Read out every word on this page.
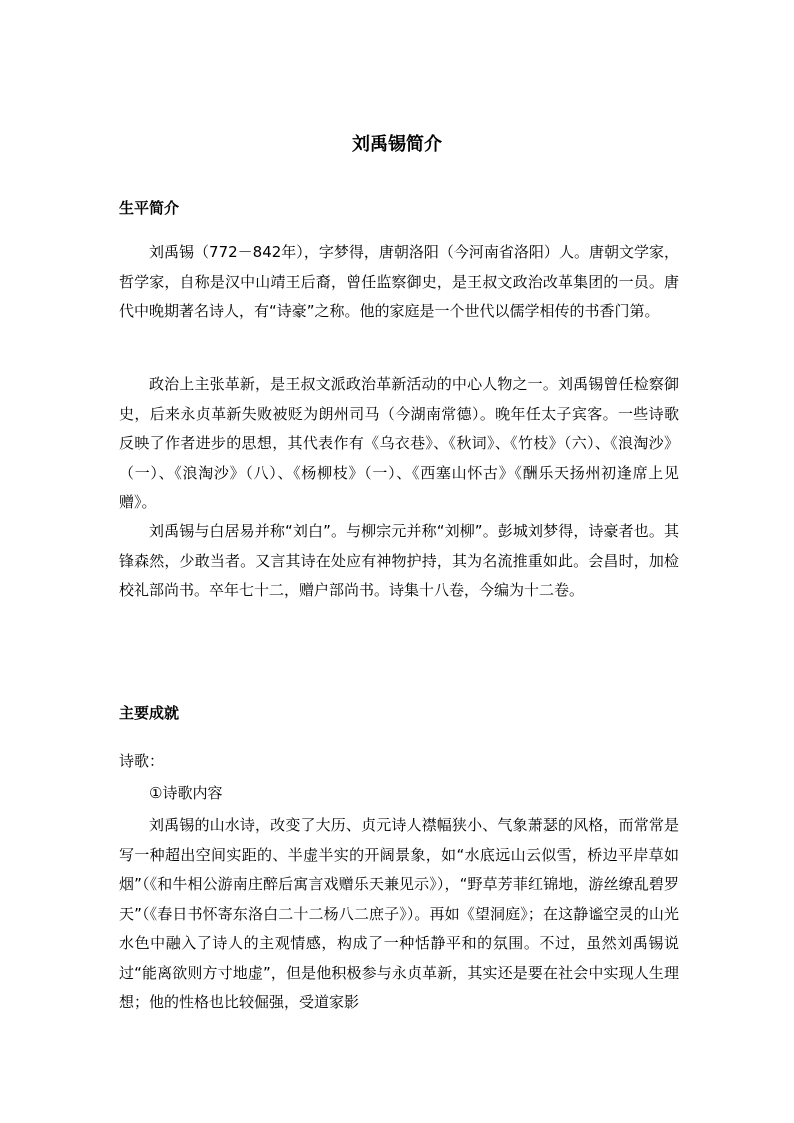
刘禹锡简介
生平简介

刘禹锡（772－842年），字梦得，唐朝洛阳（今河南省洛阳）人。唐朝文学家，哲学家，自称是汉中山靖王后裔，曾任监察御史，是王叔文政治改革集团的一员。唐代中晚期著名诗人，有“诗豪”之称。他的家庭是一个世代以儒学相传的书香门第。

政治上主张革新，是王叔文派政治革新活动的中心人物之一。刘禹锡曾任检察御史，后来永贞革新失败被贬为朗州司马（今湖南常德）。晚年任太子宾客。一些诗歌反映了作者进步的思想，其代表作有《乌衣巷》、《秋词》、《竹枝》（六）、《浪淘沙》（一）、《浪淘沙》（八）、《杨柳枝》（一）、《西塞山怀古》《酬乐天扬州初逢席上见赠》。

刘禹锡与白居易并称“刘白”。与柳宗元并称“刘柳”。彭城刘梦得，诗豪者也。其锋森然，少敢当者。又言其诗在处应有神物护持，其为名流推重如此。会昌时，加检校礼部尚书。卒年七十二，赠户部尚书。诗集十八卷，今编为十二卷。

主要成就
诗歌：
①诗歌内容

刘禹锡的山水诗，改变了大历、贞元诗人襟幅狭小、气象萧瑟的风格，而常常是写一种超出空间实距的、半虚半实的开阔景象，如“水底远山云似雪，桥边平岸草如烟”（《和牛相公游南庄醉后寓言戏赠乐天兼见示》），“野草芳菲红锦地，游丝缭乱碧罗天”（《春日书怀寄东洛白二十二杨八二庶子》）。再如《望洞庭》；在这静谧空灵的山光水色中融入了诗人的主观情感，构成了一种恬静平和的氛围。不过，虽然刘禹锡说过“能离欲则方寸地虚”，但是他积极参与永贞革新，其实还是要在社会中实现人生理想；他的性格也比较倔强，受道家影
